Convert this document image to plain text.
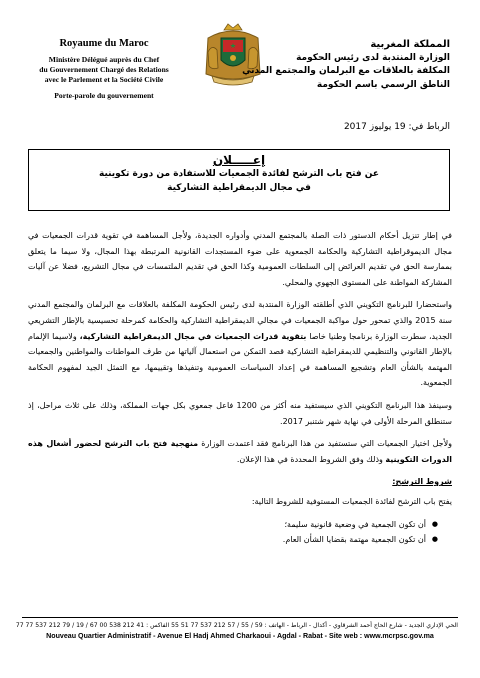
Royaume du Maroc
Ministère Délégué auprès du Chef
du Gouvernement Chargé des Relations
avec le Parlement et la Société Civile
Porte-parole du gouvernement
المملكة المغربية
الوزارة المنتدبة لدى رئيس الحكومة
المكلفة بالعلاقات مع البرلمان والمجتمع المدني
الناطق الرسمي باسم الحكومة
الرباط في: 19 يوليوز 2017
إعـــــلان
عن فتح باب الترشح لفائدة الجمعيات للاستفادة من دورة تكوينية
في مجال الديمقراطية التشاركية

في إطار تنزيل أحكام الدستور ذات الصلة بالمجتمع المدني وأدواره الجديدة، ولأجل المساهمة في تقوية قدرات الجمعيات في مجال الديموقراطية التشاركية والحكامة الجمعوية على ضوء المستجدات القانونية المرتبطة بهذا المجال، ولا سيما ما يتعلق بممارسة الحق في تقديم العرائض إلى السلطات العمومية وكذا الحق في تقديم الملتمسات في مجال التشريع، فضلا عن آليات المشاركة المواطنة على المستوى الجهوي والمحلي.

واستحضارا للبرنامج التكويني الذي أطلقته الوزارة المنتدبة لدى رئيس الحكومة المكلفة بالعلاقات مع البرلمان والمجتمع المدني سنة 2015 والذي تمحور حول مواكبة الجمعيات في مجالي الديمقراطية التشاركية والحكامة كمرحلة تحسيسية بالإطار التشريعي الجديد، سطرت الوزارة برنامجا وطنيا خاصا بتقوية قدرات الجمعيات في مجال الديمقراطية التشاركية، ولاسيما الإلمام بالإطار القانوني والتنظيمي للديمقراطية التشاركية قصد التمكن من استعمال آلياتها من طرف المواطنات والمواطنين والجمعيات المهتمة بالشأن العام وتشجيع المساهمة في إعداد السياسات العمومية وتنفيذها وتقييمها، مع التمثل الجيد لمفهوم الحكامة الجمعوية.

وسينفذ هذا البرنامج التكويني الذي سيستفيد منه أكثر من 1200 فاعل جمعوي بكل جهات المملكة، وذلك على ثلاث مراحل، إذ ستنطلق المرحلة الأولى في نهاية شهر شتنبر 2017.

ولأجل اختيار الجمعيات التي ستستفيد من هذا البرنامج فقد اعتمدت الوزارة منهجية فتح باب الترشح لحضور أشغال هذه الدورات التكوينية وذلك وفق الشروط المحددة في هذا الإعلان.

شروط الترشح:

يفتح باب الترشح لفائدة الجمعيات المستوفية للشروط التالية:

● أن تكون الجمعية في وضعية قانونية سليمة؛
● أن تكون الجمعية مهتمة بقضايا الشأن العام.
الحي الإداري الجديد - شارع الحاج أحمد الشرقاوي - أكدال - الرباط - الهاتف : 59 / 55 / 57 212 537 77 51 55 الفاكس : 41 212 538 00 67 / 19 / 79 212 537 77 77
Nouveau Quartier Administratif - Avenue El Hadj Ahmed Charkaoui - Agdal - Rabat - Site web : www.mcrpsc.gov.ma
